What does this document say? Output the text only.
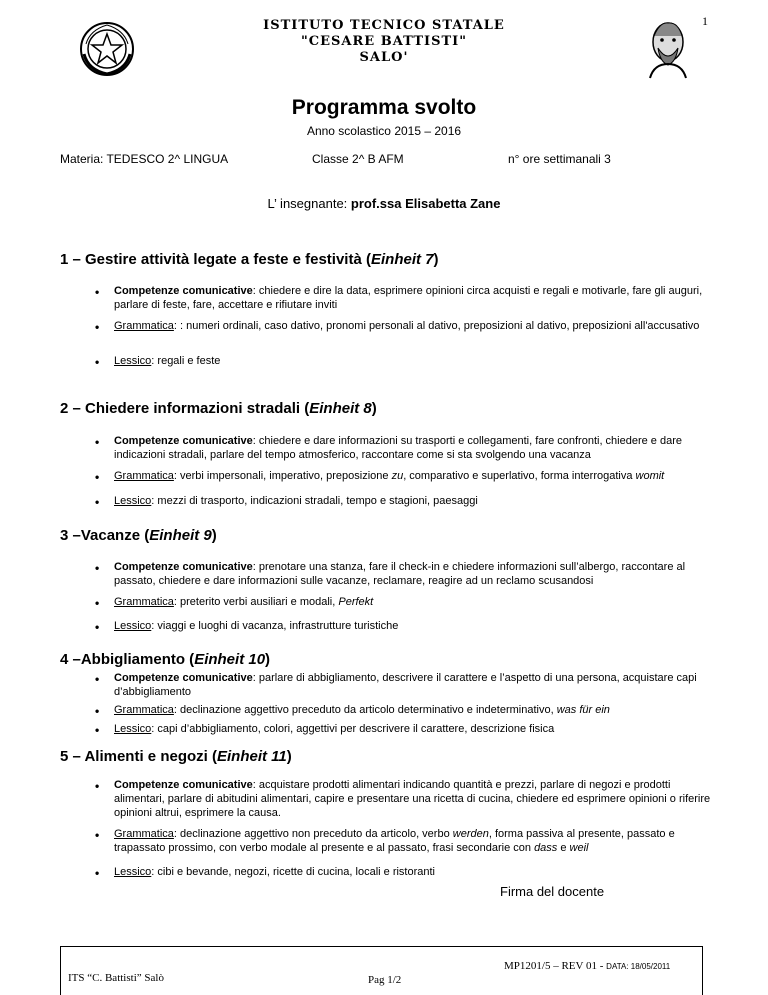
1
ISTITUTO TECNICO STATALE
"CESARE BATTISTI"
SALO'
Programma svolto
Anno scolastico 2015 – 2016
Materia: TEDESCO 2^ LINGUA	Classe 2^ B AFM	n° ore settimanali 3
L’ insegnante: prof.ssa Elisabetta Zane
1 – Gestire attività legate a feste e festività (Einheit 7)
• Competenze comunicative: chiedere e dire la data, esprimere opinioni circa acquisti e regali e motivarle, fare gli auguri, parlare di feste, fare, accettare e rifiutare inviti
• Grammatica: : numeri ordinali, caso dativo, pronomi personali al dativo, preposizioni al dativo, preposizioni all'accusativo
• Lessico: regali e feste
2 – Chiedere informazioni stradali (Einheit 8)
• Competenze comunicative: chiedere e dare informazioni su trasporti e collegamenti, fare confronti, chiedere e dare indicazioni stradali, parlare del tempo atmosferico, raccontare come si sta svolgendo una vacanza
• Grammatica: verbi impersonali, imperativo, preposizione zu, comparativo e superlativo, forma interrogativa womit
• Lessico: mezzi di trasporto, indicazioni stradali, tempo e stagioni, paesaggi
3 –Vacanze (Einheit 9)
• Competenze comunicative: prenotare una stanza, fare il check-in e chiedere informazioni sull’albergo, raccontare al passato, chiedere e dare informazioni sulle vacanze, reclamare, reagire ad un reclamo scusandosi
• Grammatica: preterito verbi ausiliari e modali, Perfekt
• Lessico: viaggi e luoghi di vacanza, infrastrutture turistiche
4 –Abbigliamento (Einheit 10)
• Competenze comunicative: parlare di abbigliamento, descrivere il carattere e l’aspetto di una persona, acquistare capi d’abbigliamento
• Grammatica: declinazione aggettivo preceduto da articolo determinativo e indeterminativo, was für ein
• Lessico: capi d’abbigliamento, colori, aggettivi per descrivere il carattere, descrizione fisica
5 – Alimenti e negozi (Einheit 11)
• Competenze comunicative: acquistare prodotti alimentari indicando quantità e prezzi, parlare di negozi e prodotti alimentari, parlare di abitudini alimentari, capire e presentare una ricetta di cucina, chiedere ed esprimere opinioni o riferire opinioni altrui, esprimere la causa.
• Grammatica: declinazione aggettivo non preceduto da articolo, verbo werden, forma passiva al presente, passato e trapassato prossimo, con verbo modale al presente e al passato, frasi secondarie con dass e weil
• Lessico: cibi e bevande, negozi, ricette di cucina, locali e ristoranti
Firma del docente
ITS “C. Battisti” Salò	Pag 1/2
MP1201/5 – REV 01 - DATA: 18/05/2011
